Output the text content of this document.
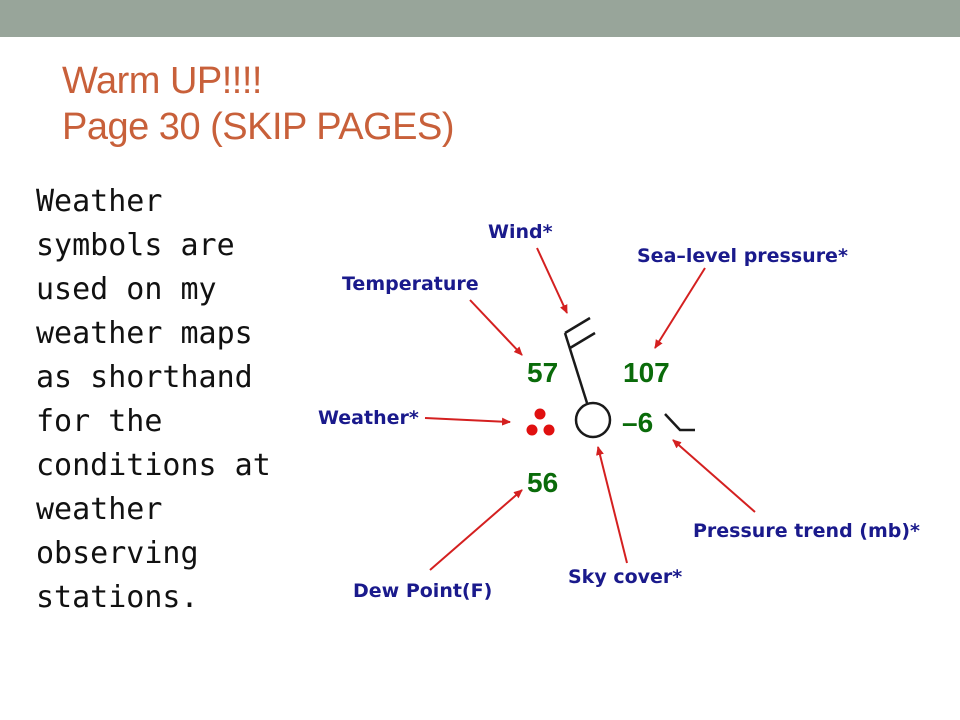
Warm UP!!!!
Page 30 (SKIP PAGES)
Weather
symbols are
used on my
weather maps
as shorthand
for the
conditions at
weather
observing
stations.
57 107
–6
56
Wind*
Sea–level pressure*
Temperature
Weather*
Pressure trend (mb)*
Sky cover*
Dew Point(F)
